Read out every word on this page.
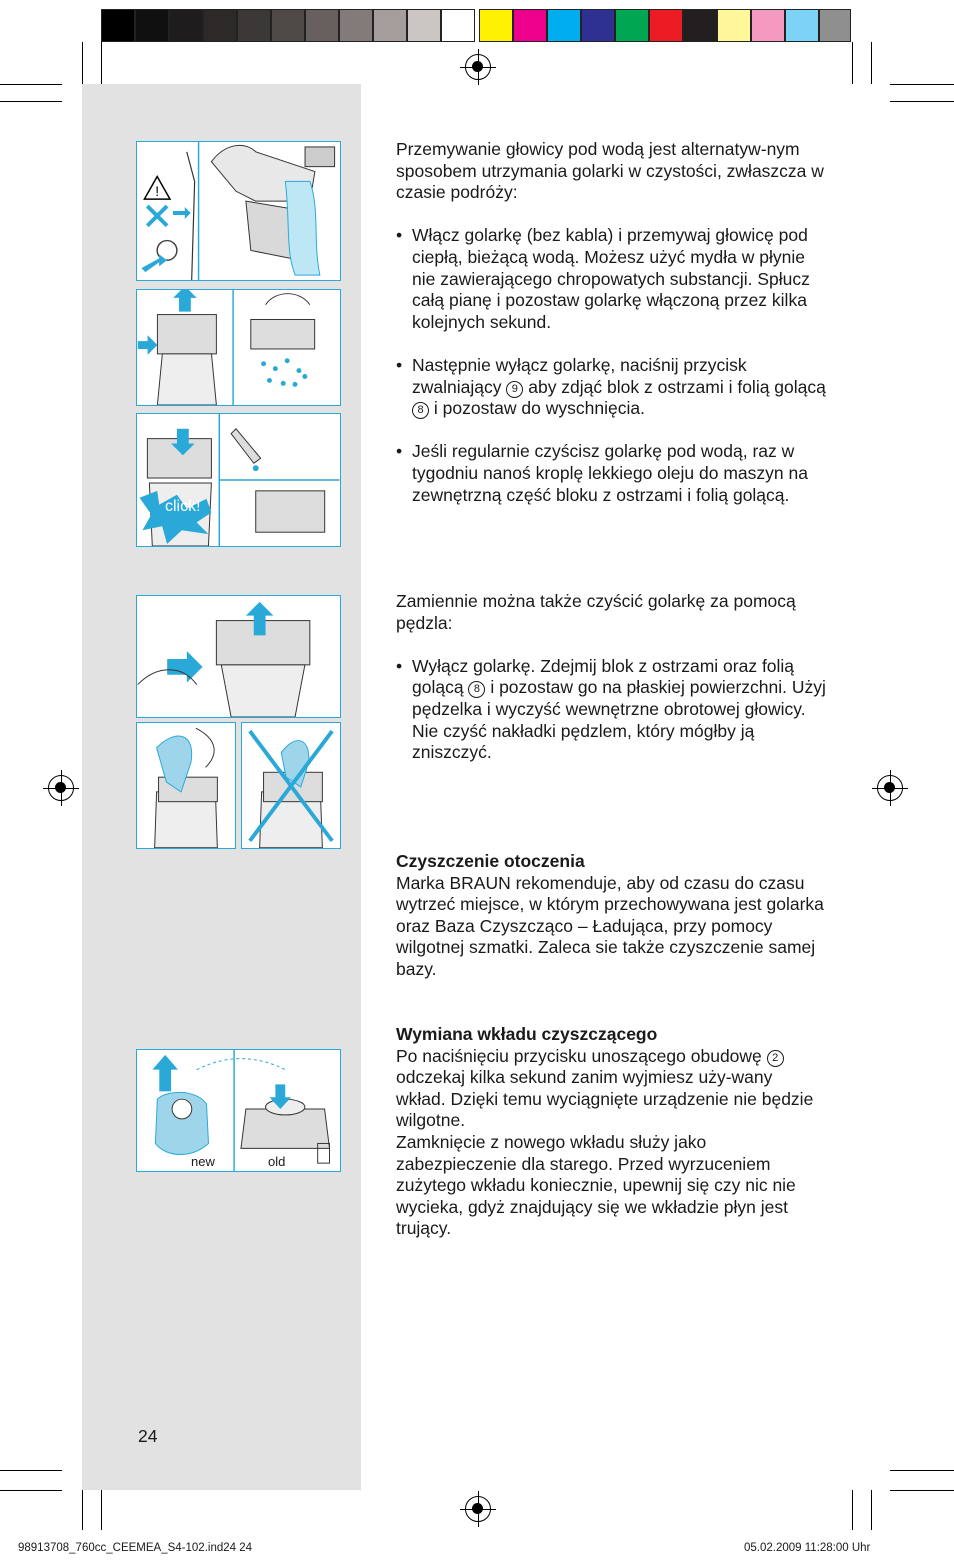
!
click!
new	old

Przemywanie głowicy pod wodą jest alternatyw-nym sposobem utrzymania golarki w czystości, zwłaszcza w czasie podróży:

• Włącz golarkę (bez kabla) i przemywaj głowicę pod ciepłą, bieżącą wodą. Możesz użyć mydła w płynie nie zawierającego chropowatych substancji. Spłucz całą pianę i pozostaw golarkę włączoną przez kilka kolejnych sekund.

• Następnie wyłącz golarkę, naciśnij przycisk zwalniający 9 aby zdjąć blok z ostrzami i folią golącą 8 i pozostaw do wyschnięcia.

• Jeśli regularnie czyścisz golarkę pod wodą, raz w tygodniu nanoś kroplę lekkiego oleju do maszyn na zewnętrzną część bloku z ostrzami i folią golącą.

Zamiennie można także czyścić golarkę za pomocą pędzla:

• Wyłącz golarkę. Zdejmij blok z ostrzami oraz folią golącą 8 i pozostaw go na płaskiej powierzchni. Użyj pędzelka i wyczyść wewnętrzne obrotowej głowicy. Nie czyść nakładki pędzlem, który mógłby ją zniszczyć.

Czyszczenie otoczenia

Marka BRAUN rekomenduje, aby od czasu do czasu wytrzeć miejsce, w którym przechowywana jest golarka oraz Baza Czyszcząco – Ładująca, przy pomocy wilgotnej szmatki. Zaleca sie także czyszczenie samej bazy.

Wymiana wkładu czyszczącego

Po naciśnięciu przycisku unoszącego obudowę 2 odczekaj kilka sekund zanim wyjmiesz uży-wany wkład. Dzięki temu wyciągnięte urządzenie nie będzie wilgotne.

Zamknięcie z nowego wkładu służy jako zabezpieczenie dla starego. Przed wyrzuceniem zużytego wkładu koniecznie, upewnij się czy nic nie wycieka, gdyż znajdujący się we wkładzie płyn jest trujący.

24
98913708_760cc_CEEMEA_S4-102.ind24 24	05.02.2009 11:28:00 Uhr
